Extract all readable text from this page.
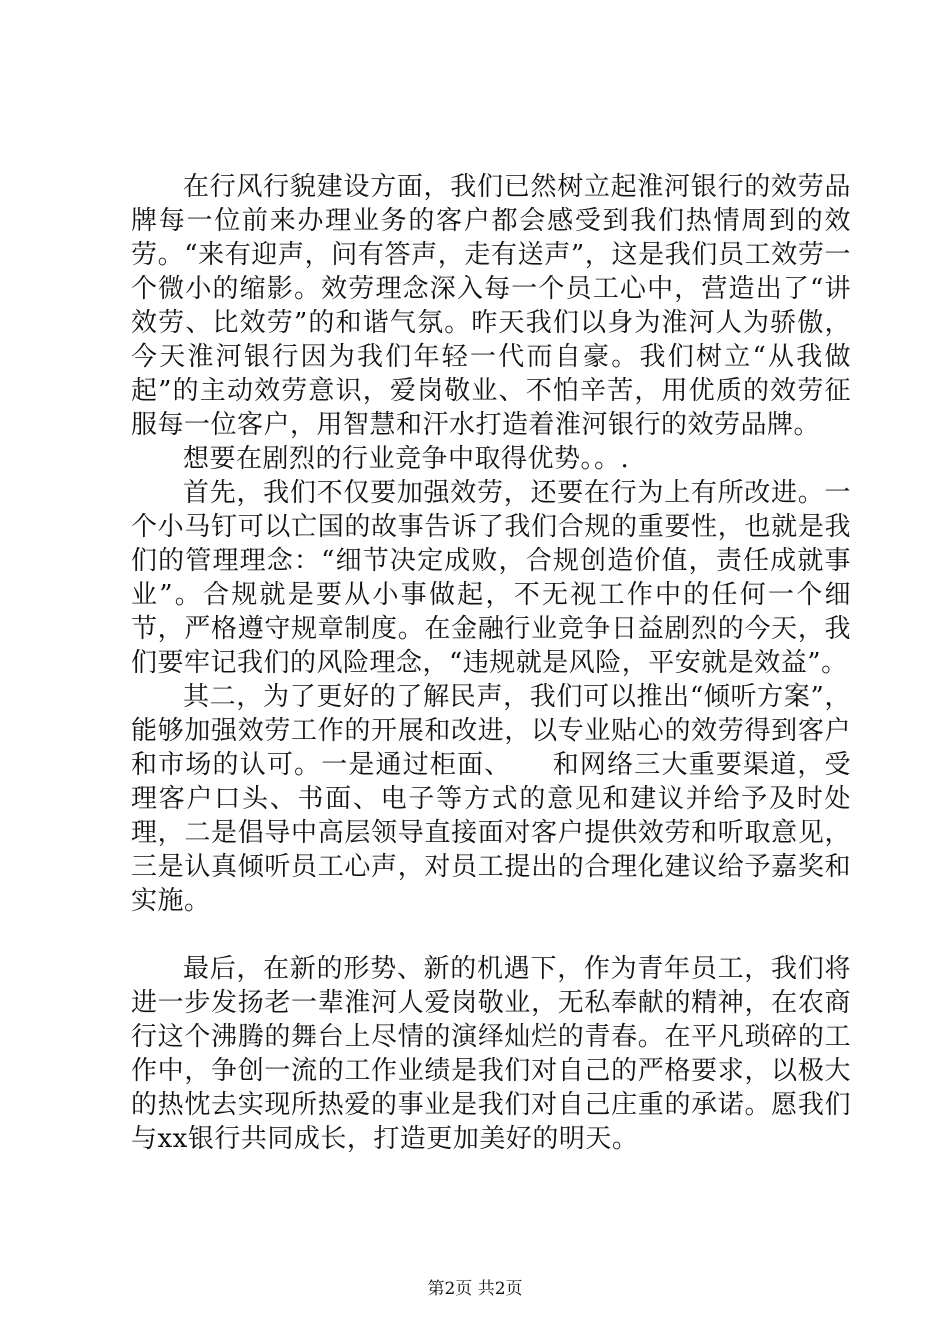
在行风行貌建设方面，我们已然树立起淮河银行的效劳品牌每一位前来办理业务的客户都会感受到我们热情周到的效劳。“来有迎声，问有答声，走有送声”，这是我们员工效劳一个微小的缩影。效劳理念深入每一个员工心中，营造出了“讲效劳、比效劳”的和谐气氛。昨天我们以身为淮河人为骄傲，今天淮河银行因为我们年轻一代而自豪。我们树立“从我做起”的主动效劳意识，爱岗敬业、不怕辛苦，用优质的效劳征服每一位客户，用智慧和汗水打造着淮河银行的效劳品牌。

想要在剧烈的行业竞争中取得优势。。.

首先，我们不仅要加强效劳，还要在行为上有所改进。一个小马钉可以亡国的故事告诉了我们合规的重要性，也就是我们的管理理念：“细节决定成败，合规创造价值，责任成就事业”。合规就是要从小事做起，不无视工作中的任何一个细节，严格遵守规章制度。在金融行业竞争日益剧烈的今天，我们要牢记我们的风险理念，“违规就是风险，平安就是效益”。

其二，为了更好的了解民声，我们可以推出“倾听方案”，能够加强效劳工作的开展和改进，以专业贴心的效劳得到客户和市场的认可。一是通过柜面、　　和网络三大重要渠道，受理客户口头、书面、电子等方式的意见和建议并给予及时处理，二是倡导中高层领导直接面对客户提供效劳和听取意见，三是认真倾听员工心声，对员工提出的合理化建议给予嘉奖和实施。

最后，在新的形势、新的机遇下，作为青年员工，我们将进一步发扬老一辈淮河人爱岗敬业，无私奉献的精神，在农商行这个沸腾的舞台上尽情的演绎灿烂的青春。在平凡琐碎的工作中，争创一流的工作业绩是我们对自己的严格要求，以极大的热忱去实现所热爱的事业是我们对自己庄重的承诺。愿我们与xx银行共同成长，打造更加美好的明天。

第2页 共2页
